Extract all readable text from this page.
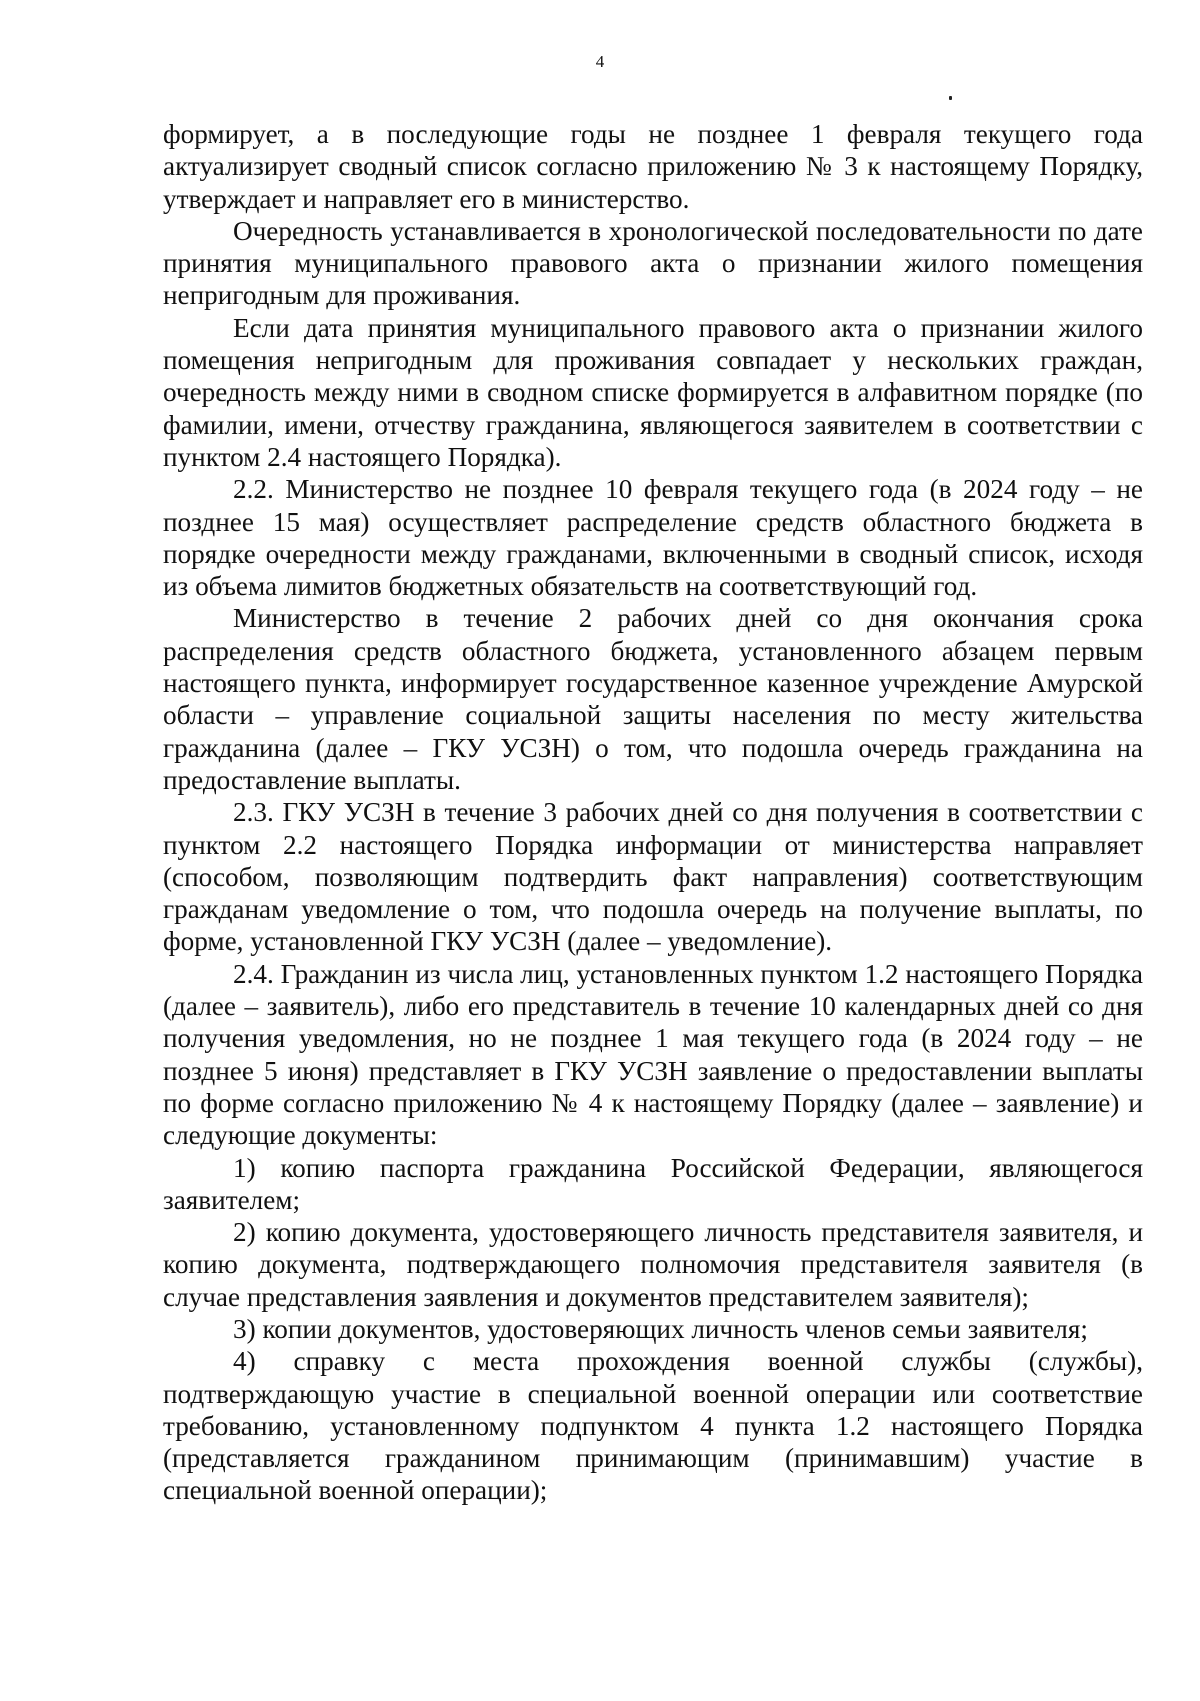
4

формирует, а в последующие годы не позднее 1 февраля текущего года актуализирует сводный список согласно приложению № 3 к настоящему Порядку, утверждает и направляет его в министерство.

Очередность устанавливается в хронологической последовательности по дате принятия муниципального правового акта о признании жилого помещения непригодным для проживания.

Если дата принятия муниципального правового акта о признании жилого помещения непригодным для проживания совпадает у нескольких граждан, очередность между ними в сводном списке формируется в алфавитном порядке (по фамилии, имени, отчеству гражданина, являющегося заявителем в соответствии с пунктом 2.4 настоящего Порядка).

2.2. Министерство не позднее 10 февраля текущего года (в 2024 году – не позднее 15 мая) осуществляет распределение средств областного бюджета в порядке очередности между гражданами, включенными в сводный список, исходя из объема лимитов бюджетных обязательств на соответствующий год.

Министерство в течение 2 рабочих дней со дня окончания срока распределения средств областного бюджета, установленного абзацем первым настоящего пункта, информирует государственное казенное учреждение Амурской области – управление социальной защиты населения по месту жительства гражданина (далее – ГКУ УСЗН) о том, что подошла очередь гражданина на предоставление выплаты.

2.3. ГКУ УСЗН в течение 3 рабочих дней со дня получения в соответствии с пунктом 2.2 настоящего Порядка информации от министерства направляет (способом, позволяющим подтвердить факт направления) соответствующим гражданам уведомление о том, что подошла очередь на получение выплаты, по форме, установленной ГКУ УСЗН (далее – уведомление).

2.4. Гражданин из числа лиц, установленных пунктом 1.2 настоящего Порядка (далее – заявитель), либо его представитель в течение 10 календарных дней со дня получения уведомления, но не позднее 1 мая текущего года (в 2024 году – не позднее 5 июня) представляет в ГКУ УСЗН заявление о предоставлении выплаты по форме согласно приложению № 4 к настоящему Порядку (далее – заявление) и следующие документы:

1) копию паспорта гражданина Российской Федерации, являющегося заявителем;

2) копию документа, удостоверяющего личность представителя заявителя, и копию документа, подтверждающего полномочия представителя заявителя (в случае представления заявления и документов представителем заявителя);

3) копии документов, удостоверяющих личность членов семьи заявителя;

4) справку с места прохождения военной службы (службы), подтверждающую участие в специальной военной операции или соответствие требованию, установленному подпунктом 4 пункта 1.2 настоящего Порядка (представляется гражданином принимающим (принимавшим) участие в специальной военной операции);
